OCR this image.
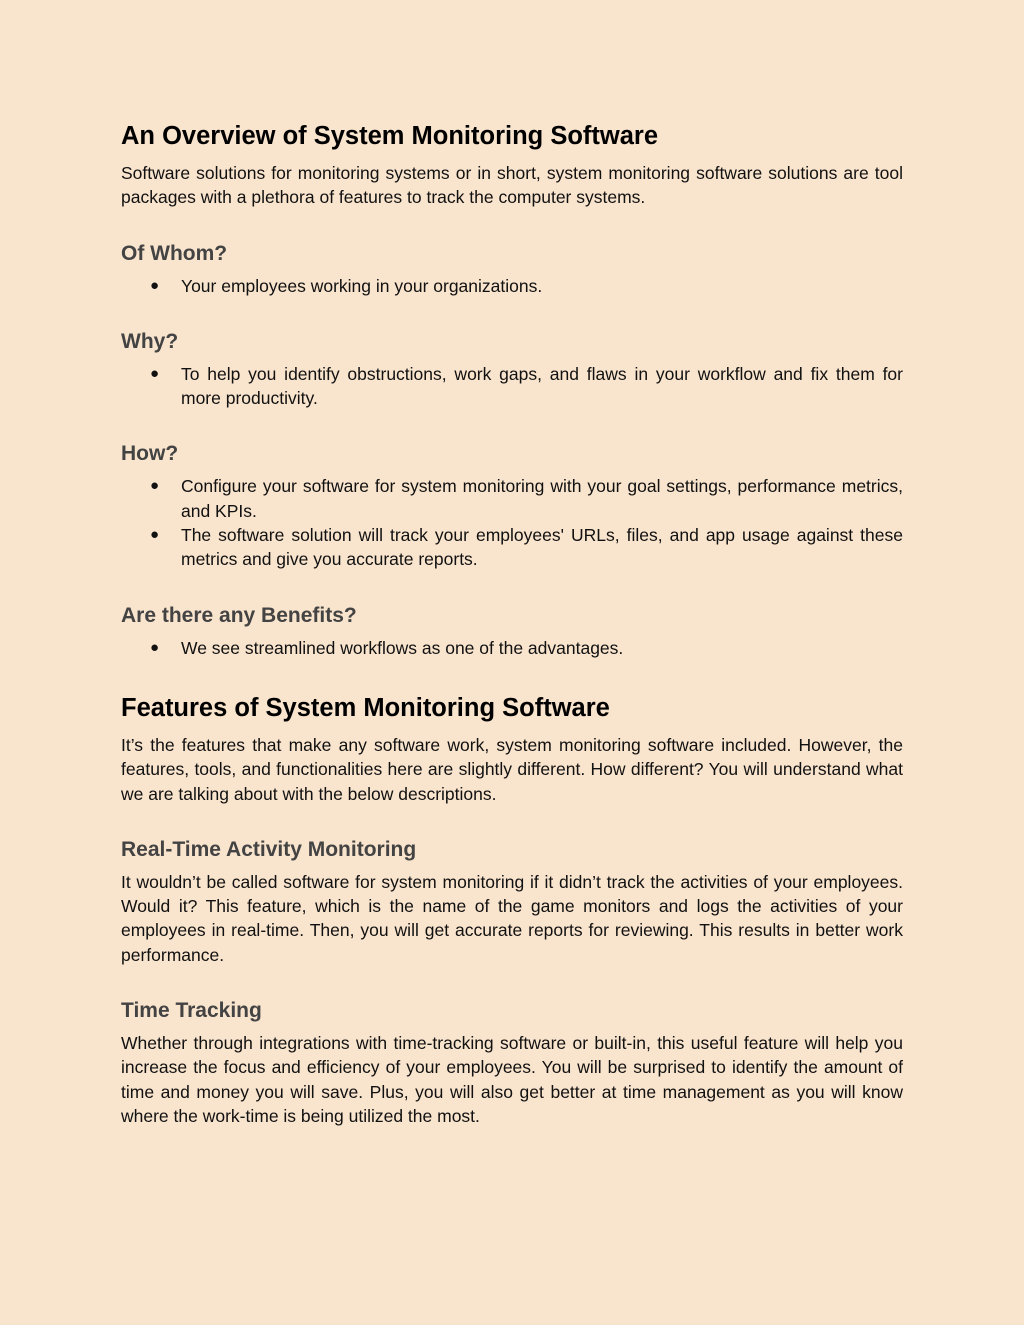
An Overview of System Monitoring Software

Software solutions for monitoring systems or in short, system monitoring software solutions are tool packages with a plethora of features to track the computer systems.

Of Whom?
● Your employees working in your organizations.
Why?
● To help you identify obstructions, work gaps, and flaws in your workflow and fix them for more productivity.
How?
● Configure your software for system monitoring with your goal settings, performance metrics, and KPIs.
● The software solution will track your employees' URLs, files, and app usage against these metrics and give you accurate reports.
Are there any Benefits?
● We see streamlined workflows as one of the advantages.
Features of System Monitoring Software

It’s the features that make any software work, system monitoring software included. However, the features, tools, and functionalities here are slightly different. How different? You will understand what we are talking about with the below descriptions.

Real-Time Activity Monitoring

It wouldn’t be called software for system monitoring if it didn’t track the activities of your employees. Would it? This feature, which is the name of the game monitors and logs the activities of your employees in real-time. Then, you will get accurate reports for reviewing. This results in better work performance.

Time Tracking

Whether through integrations with time-tracking software or built-in, this useful feature will help you increase the focus and efficiency of your employees. You will be surprised to identify the amount of time and money you will save. Plus, you will also get better at time management as you will know where the work-time is being utilized the most.
